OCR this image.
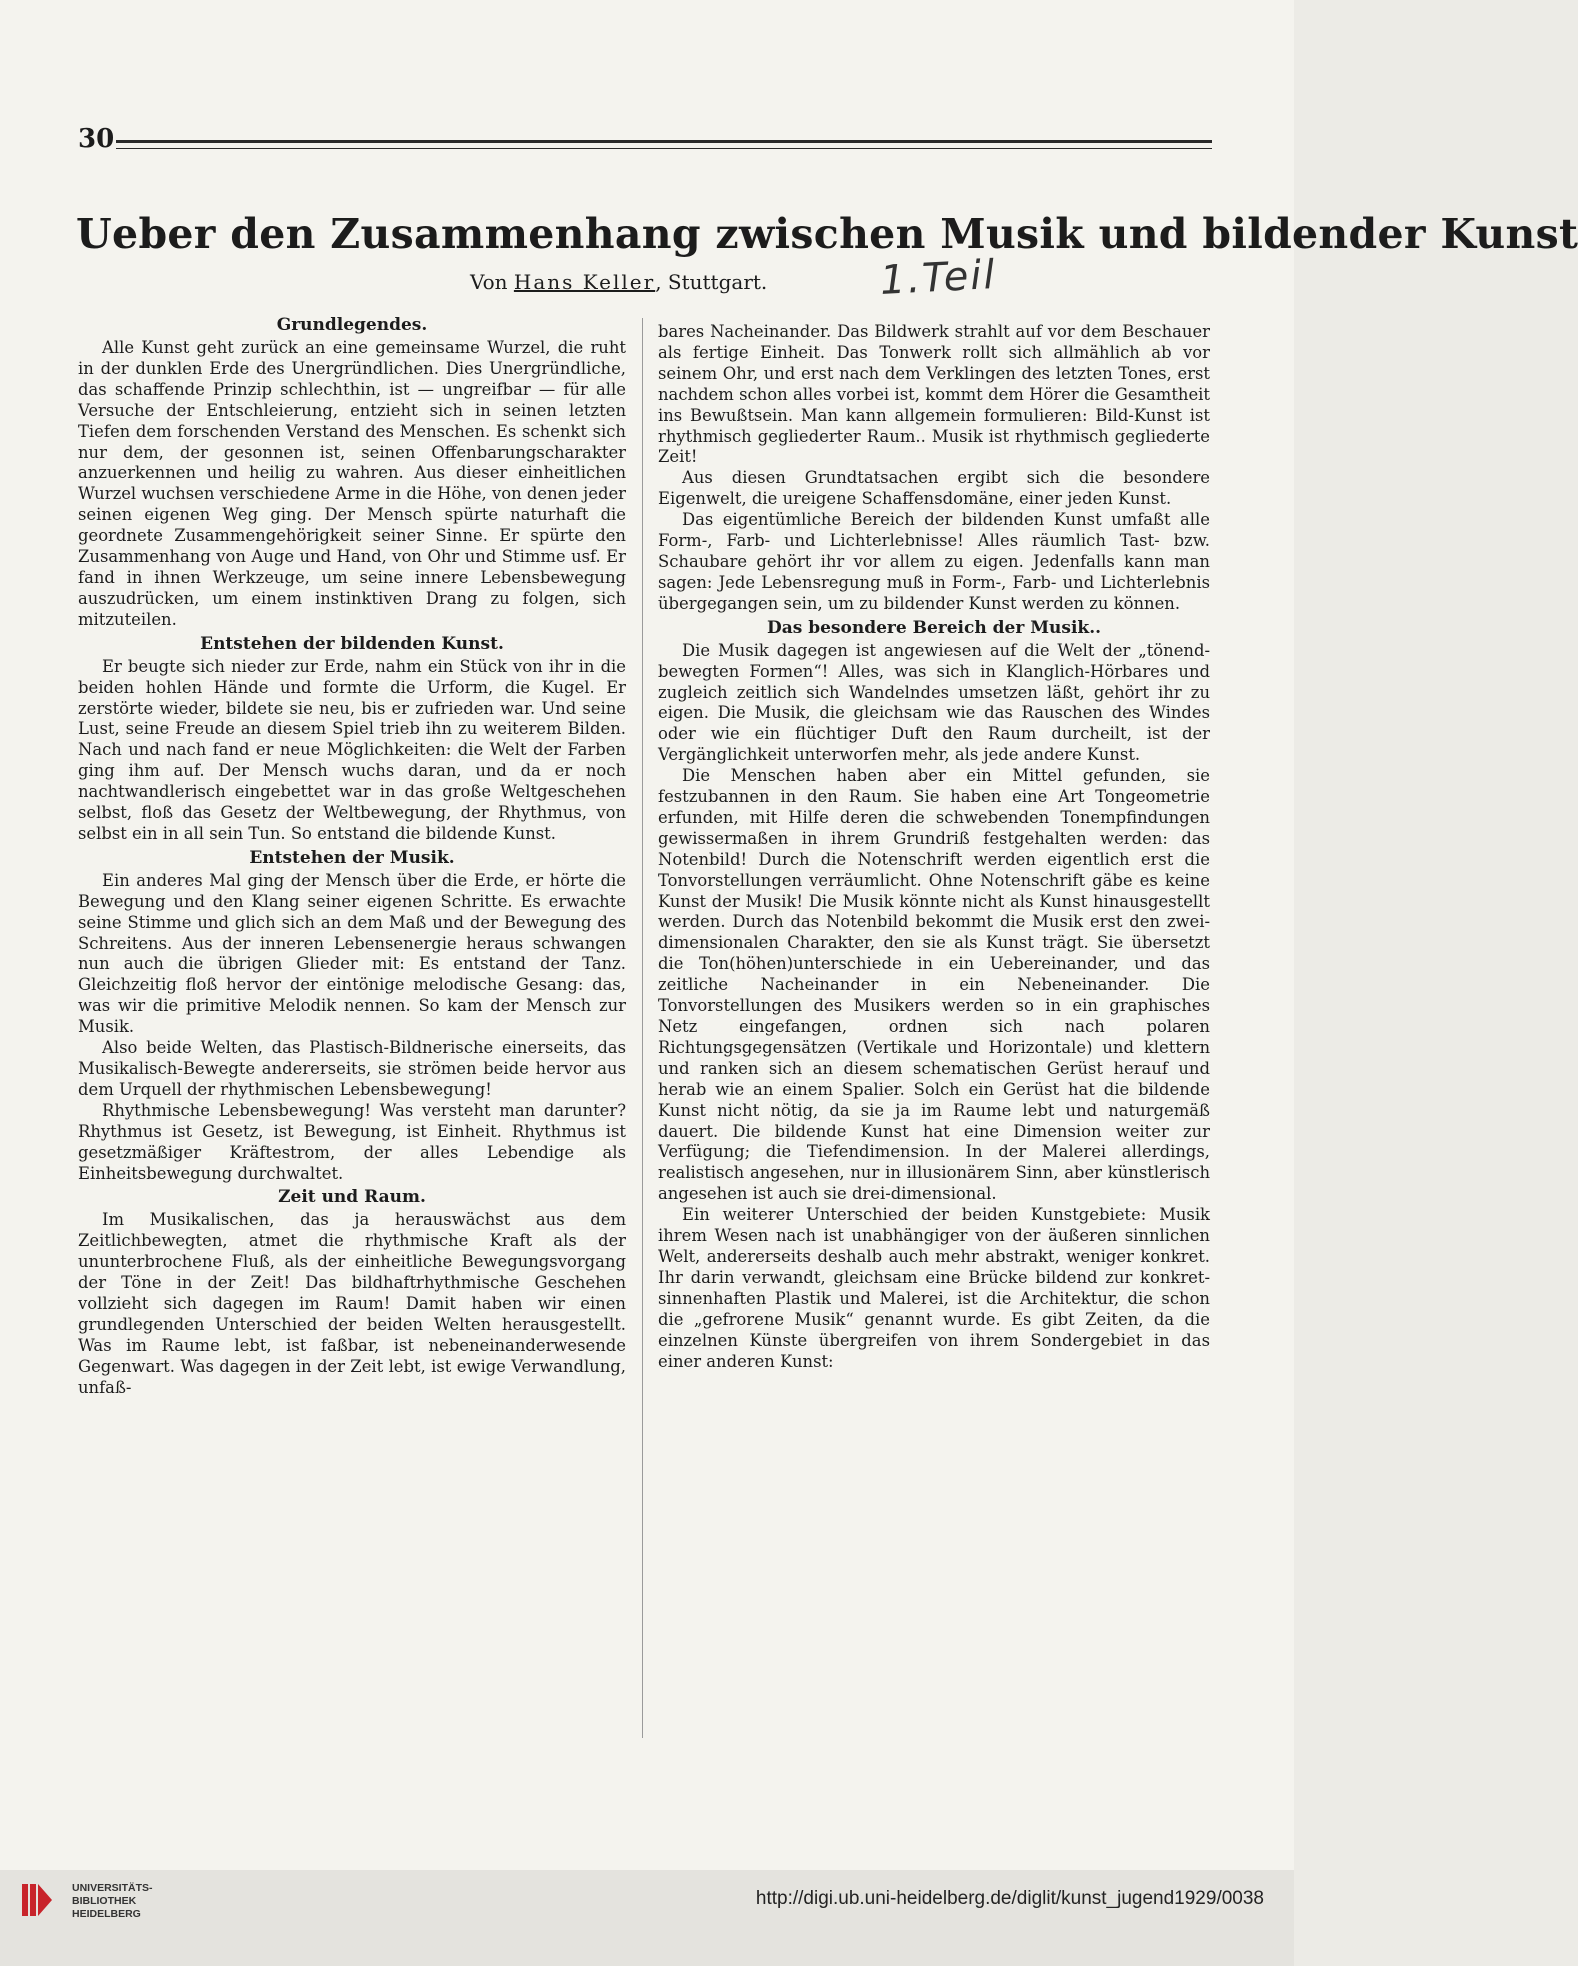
30
Ueber den Zusammenhang zwischen Musik und bildender Kunst
Von Hans Keller, Stuttgart.	1.Teil
Grundlegendes.

Alle Kunst geht zurück an eine gemeinsame Wurzel, die ruht in der dunklen Erde des Unergründlichen. Dies Unergründliche, das schaffende Prinzip schlechthin, ist — ungreifbar — für alle Versuche der Entschleierung, entzieht sich in seinen letzten Tiefen dem forschenden Verstand des Menschen. Es schenkt sich nur dem, der gesonnen ist, seinen Offenbarungscharakter anzuerkennen und heilig zu wahren. Aus dieser einheitlichen Wurzel wuchsen verschiedene Arme in die Höhe, von denen jeder seinen eigenen Weg ging. Der Mensch spürte naturhaft die geordnete Zusammengehörigkeit seiner Sinne. Er spürte den Zusammenhang von Auge und Hand, von Ohr und Stimme usf. Er fand in ihnen Werkzeuge, um seine innere Lebensbewegung auszudrücken, um einem instinktiven Drang zu folgen, sich mitzuteilen.

Entstehen der bildenden Kunst.

Er beugte sich nieder zur Erde, nahm ein Stück von ihr in die beiden hohlen Hände und formte die Urform, die Kugel. Er zerstörte wieder, bildete sie neu, bis er zufrieden war. Und seine Lust, seine Freude an diesem Spiel trieb ihn zu weiterem Bilden. Nach und nach fand er neue Möglichkeiten: die Welt der Farben ging ihm auf. Der Mensch wuchs daran, und da er noch nachtwandlerisch eingebettet war in das große Weltgeschehen selbst, floß das Gesetz der Weltbewegung, der Rhythmus, von selbst ein in all sein Tun. So entstand die bildende Kunst.

Entstehen der Musik.

Ein anderes Mal ging der Mensch über die Erde, er hörte die Bewegung und den Klang seiner eigenen Schritte. Es erwachte seine Stimme und glich sich an dem Maß und der Bewegung des Schreitens. Aus der inneren Lebensenergie heraus schwangen nun auch die übrigen Glieder mit: Es entstand der Tanz. Gleichzeitig floß hervor der eintönige melodische Gesang: das, was wir die primitive Melodik nennen. So kam der Mensch zur Musik.

Also beide Welten, das Plastisch-Bildnerische einerseits, das Musikalisch-Bewegte andererseits, sie strömen beide hervor aus dem Urquell der rhythmischen Lebensbewegung!

Rhythmische Lebensbewegung! Was versteht man darunter? Rhythmus ist Gesetz, ist Bewegung, ist Einheit. Rhythmus ist gesetzmäßiger Kräftestrom, der alles Lebendige als Einheitsbewegung durchwaltet.

Zeit und Raum.

Im Musikalischen, das ja herauswächst aus dem Zeitlichbewegten, atmet die rhythmische Kraft als der ununterbrochene Fluß, als der einheitliche Bewegungsvorgang der Töne in der Zeit! Das bildhaftrhythmische Geschehen vollzieht sich dagegen im Raum! Damit haben wir einen grundlegenden Unterschied der beiden Welten herausgestellt. Was im Raume lebt, ist faßbar, ist nebeneinanderwesende Gegenwart. Was dagegen in der Zeit lebt, ist ewige Verwandlung, unfaß-

bares Nacheinander. Das Bildwerk strahlt auf vor dem Beschauer als fertige Einheit. Das Tonwerk rollt sich allmählich ab vor seinem Ohr, und erst nach dem Verklingen des letzten Tones, erst nachdem schon alles vorbei ist, kommt dem Hörer die Gesamtheit ins Bewußtsein. Man kann allgemein formulieren: Bild-Kunst ist rhythmisch gegliederter Raum.. Musik ist rhythmisch gegliederte Zeit!

Aus diesen Grundtatsachen ergibt sich die besondere Eigenwelt, die ureigene Schaffensdomäne, einer jeden Kunst.

Das eigentümliche Bereich der bildenden Kunst umfaßt alle Form-, Farb- und Lichterlebnisse! Alles räumlich Tast- bzw. Schaubare gehört ihr vor allem zu eigen. Jedenfalls kann man sagen: Jede Lebensregung muß in Form-, Farb- und Lichterlebnis übergegangen sein, um zu bildender Kunst werden zu können.

Das besondere Bereich der Musik..

Die Musik dagegen ist angewiesen auf die Welt der „tönend-bewegten Formen“! Alles, was sich in Klanglich-Hörbares und zugleich zeitlich sich Wandelndes umsetzen läßt, gehört ihr zu eigen. Die Musik, die gleichsam wie das Rauschen des Windes oder wie ein flüchtiger Duft den Raum durcheilt, ist der Vergänglichkeit unterworfen mehr, als jede andere Kunst.

Die Menschen haben aber ein Mittel gefunden, sie festzubannen in den Raum. Sie haben eine Art Tongeometrie erfunden, mit Hilfe deren die schwebenden Tonempfindungen gewissermaßen in ihrem Grundriß festgehalten werden: das Notenbild! Durch die Notenschrift werden eigentlich erst die Tonvorstellungen verräumlicht. Ohne Notenschrift gäbe es keine Kunst der Musik! Die Musik könnte nicht als Kunst hinausgestellt werden. Durch das Notenbild bekommt die Musik erst den zwei-dimensionalen Charakter, den sie als Kunst trägt. Sie übersetzt die Ton(höhen)unterschiede in ein Uebereinander, und das zeitliche Nacheinander in ein Nebeneinander. Die Tonvorstellungen des Musikers werden so in ein graphisches Netz eingefangen, ordnen sich nach polaren Richtungsgegensätzen (Vertikale und Horizontale) und klettern und ranken sich an diesem schematischen Gerüst herauf und herab wie an einem Spalier. Solch ein Gerüst hat die bildende Kunst nicht nötig, da sie ja im Raume lebt und naturgemäß dauert. Die bildende Kunst hat eine Dimension weiter zur Verfügung; die Tiefendimension. In der Malerei allerdings, realistisch angesehen, nur in illusionärem Sinn, aber künstlerisch angesehen ist auch sie drei-dimensional.

Ein weiterer Unterschied der beiden Kunstgebiete: Musik ihrem Wesen nach ist unabhängiger von der äußeren sinnlichen Welt, andererseits deshalb auch mehr abstrakt, weniger konkret. Ihr darin verwandt, gleichsam eine Brücke bildend zur konkret-sinnenhaften Plastik und Malerei, ist die Architektur, die schon die „gefrorene Musik“ genannt wurde. Es gibt Zeiten, da die einzelnen Künste übergreifen von ihrem Sondergebiet in das einer anderen Kunst:

UNIVERSITÄTS-
BIBLIOTHEK
HEIDELBERG
http://digi.ub.uni-heidelberg.de/diglit/kunst_jugend1929/0038
